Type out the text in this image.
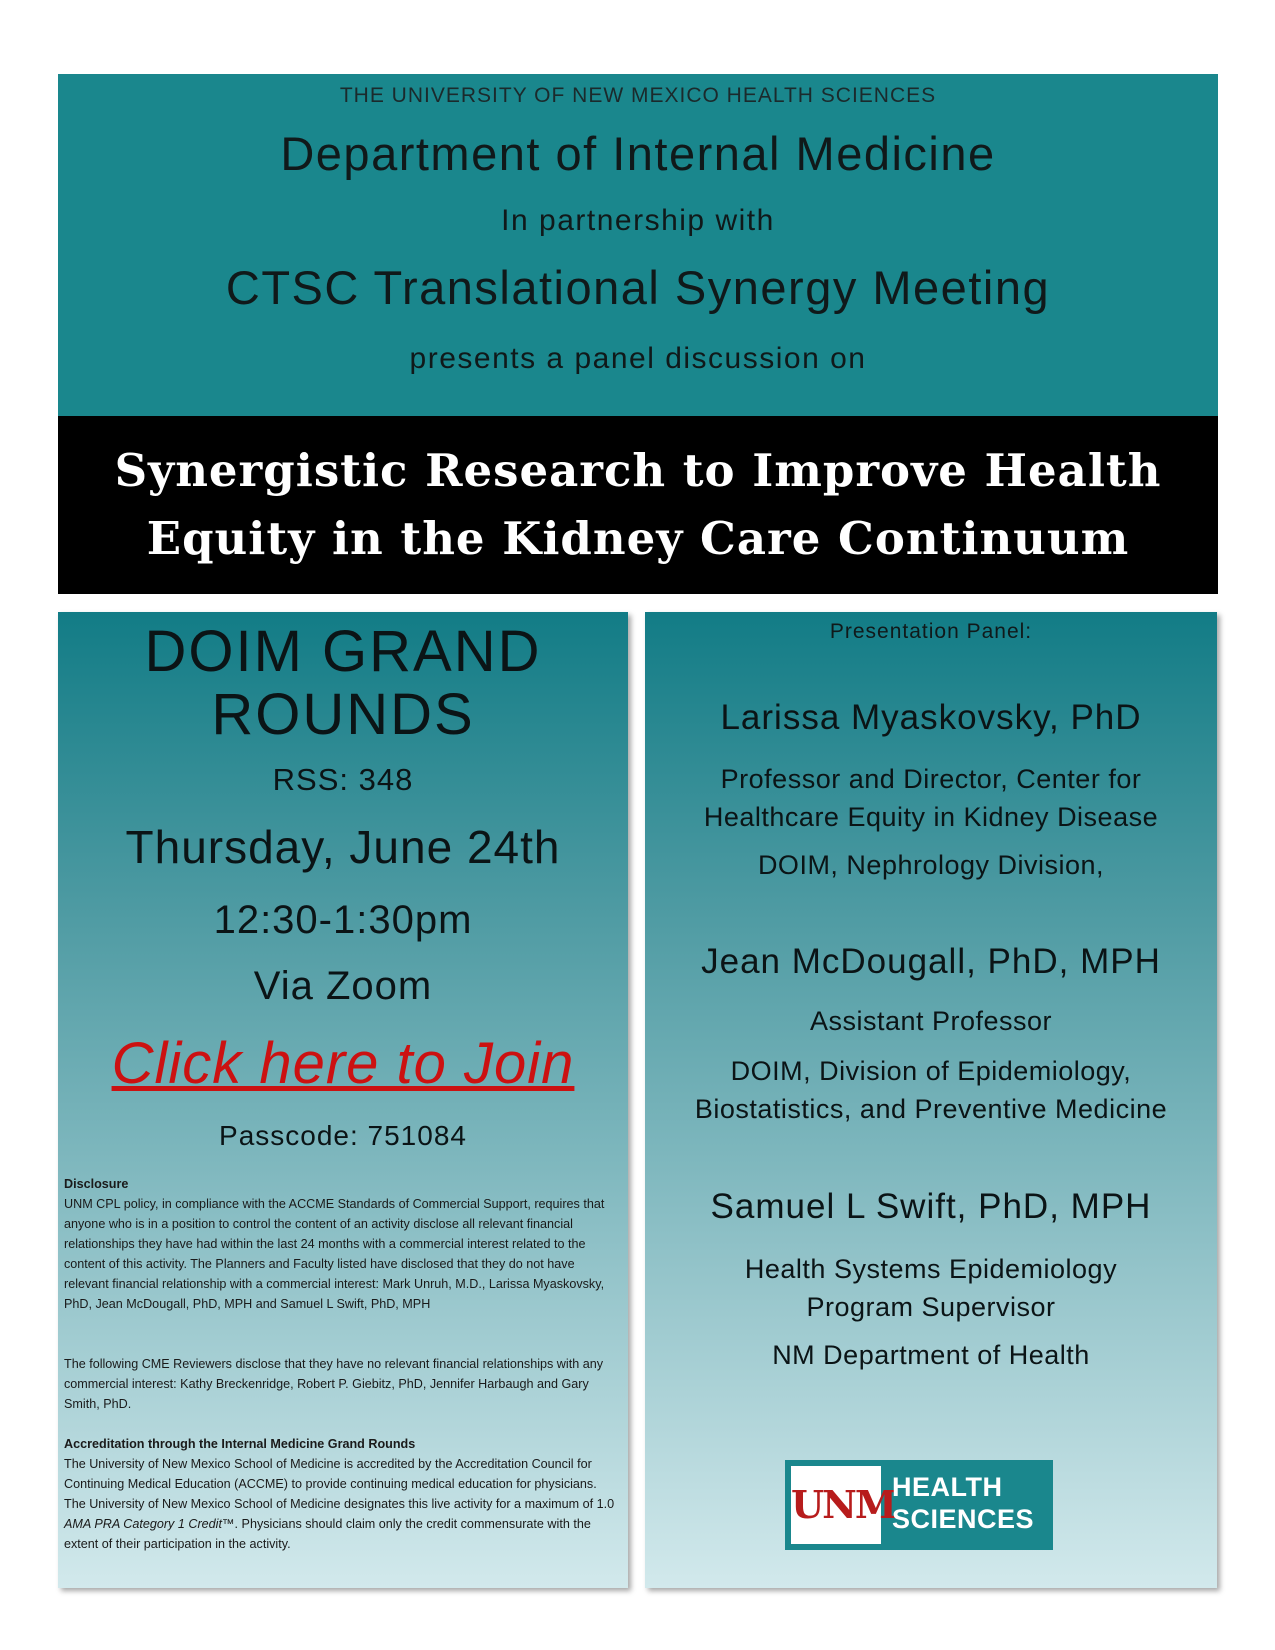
THE UNIVERSITY OF NEW MEXICO HEALTH SCIENCES
Department of Internal Medicine
In partnership with
CTSC Translational Synergy Meeting
presents a panel discussion on
Synergistic Research to Improve Health
Equity in the Kidney Care Continuum
DOIM GRAND
ROUNDS
RSS: 348
Thursday, June 24th
12:30-1:30pm
Via Zoom
Click here to Join
Passcode: 751084
Disclosure
UNM CPL policy, in compliance with the ACCME Standards of Commercial Support, requires that anyone who is in a position to control the content of an activity disclose all relevant financial relationships they have had within the last 24 months with a commercial interest related to the content of this activity. The Planners and Faculty listed have disclosed that they do not have relevant financial relationship with a commercial interest: Mark Unruh, M.D., Larissa Myaskovsky, PhD, Jean McDougall, PhD, MPH and Samuel L Swift, PhD, MPH
The following CME Reviewers disclose that they have no relevant financial relationships with any commercial interest: Kathy Breckenridge, Robert P. Giebitz, PhD, Jennifer Harbaugh and Gary Smith, PhD.
Accreditation through the Internal Medicine Grand Rounds
The University of New Mexico School of Medicine is accredited by the Accreditation Council for Continuing Medical Education (ACCME) to provide continuing medical education for physicians. The University of New Mexico School of Medicine designates this live activity for a maximum of 1.0 AMA PRA Category 1 Credit™. Physicians should claim only the credit commensurate with the extent of their participation in the activity.
Presentation Panel:
Larissa Myaskovsky, PhD
Professor and Director, Center for
Healthcare Equity in Kidney Disease
DOIM, Nephrology Division,
Jean McDougall, PhD, MPH
Assistant Professor
DOIM, Division of Epidemiology,
Biostatistics, and Preventive Medicine
Samuel L Swift, PhD, MPH
Health Systems Epidemiology
Program Supervisor
NM Department of Health
UNM
HEALTH
SCIENCES
